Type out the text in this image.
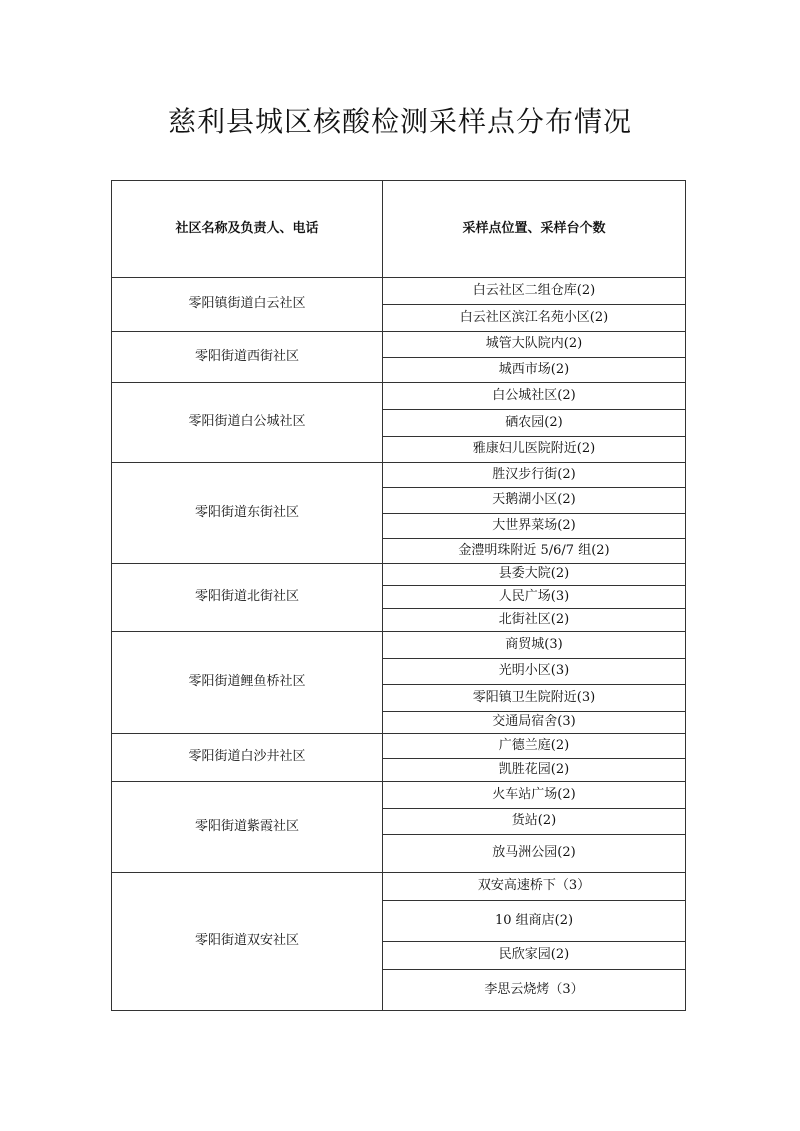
慈利县城区核酸检测采样点分布情况
社区名称及负责人、电话	采样点位置、采样台个数
零阳镇街道白云社区	白云社区二组仓库(2)
	白云社区滨江名苑小区(2)
零阳街道西街社区	城管大队院内(2)
	城西市场(2)
零阳街道白公城社区	白公城社区(2)
	硒农园(2)
	雅康妇儿医院附近(2)
零阳街道东街社区	胜汉步行街(2)
	天鹅湖小区(2)
	大世界菜场(2)
	金澧明珠附近 5/6/7 组(2)
零阳街道北街社区	县委大院(2)
	人民广场(3)
	北街社区(2)
零阳街道鲤鱼桥社区	商贸城(3)
	光明小区(3)
	零阳镇卫生院附近(3)
	交通局宿舍(3)
零阳街道白沙井社区	广德兰庭(2)
	凯胜花园(2)
零阳街道紫霞社区	火车站广场(2)
	货站(2)
	放马洲公园(2)
零阳街道双安社区	双安高速桥下（3）
	10 组商店(2)
	民欣家园(2)
	李思云烧烤（3）
